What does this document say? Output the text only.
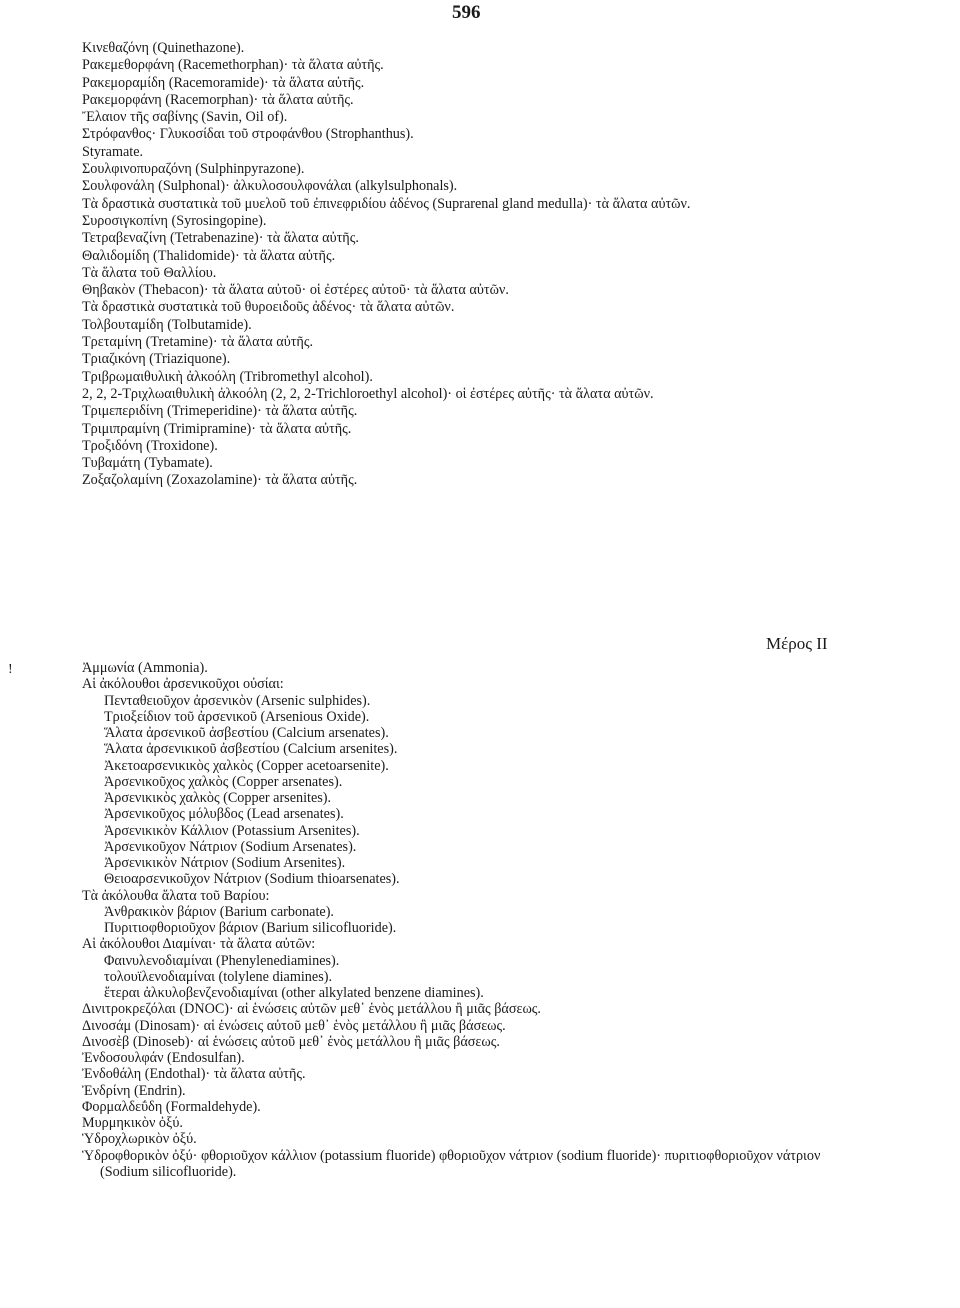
596

Κινεθαζόνη (Quinethazone).

Ρακεμεθορφάνη (Racemethorphan)· τὰ ἅλατα αὐτῆς.

Ρακεμοραμίδη (Racemoramide)· τὰ ἅλατα αὐτῆς.

Ρακεμορφάνη (Racemorphan)· τὰ ἅλατα αὐτῆς.

Ἔλαιον τῆς σαβίνης (Savin, Oil of).

Στρόφανθος· Γλυκοσίδαι τοῦ στροφάνθου (Strophanthus).

Styramate.

Σουλφινοπυραζόνη (Sulphinpyrazone).

Σουλφονάλη (Sulphonal)· ἀλκυλοσουλφονάλαι (alkylsulphonals).

Τὰ δραστικὰ συστατικὰ τοῦ μυελοῦ τοῦ ἐπινεφριδίου ἀδένος (Suprarenal gland medulla)· τὰ ἅλατα αὐτῶν.

Συροσιγκοπίνη (Syrosingopine).

Τετραβεναζίνη (Tetrabenazine)· τὰ ἅλατα αὐτῆς.

Θαλιδομίδη (Thalidomide)· τὰ ἅλατα αὐτῆς.

Τὰ ἅλατα τοῦ Θαλλίου.

Θηβακὸν (Thebacon)· τὰ ἅλατα αὐτοῦ· οἱ ἐστέρες αὐτοῦ· τὰ ἅλατα αὐτῶν.

Τὰ δραστικὰ συστατικὰ τοῦ θυροειδοῦς ἀδένος· τὰ ἅλατα αὐτῶν.

Τολβουταμίδη (Tolbutamide).

Τρεταμίνη (Tretamine)· τὰ ἅλατα αὐτῆς.

Τριαζικόνη (Triaziquone).

Τριβρωμαιθυλικὴ ἀλκοόλη (Tribromethyl alcohol).

2, 2, 2-Τριχλωαιθυλικὴ ἀλκοόλη (2, 2, 2-Trichloroethyl alcohol)· οἱ ἐστέρες αὐτῆς· τὰ ἅλατα αὐτῶν.

Τριμεπεριδίνη (Trimeperidine)· τὰ ἅλατα αὐτῆς.

Τριμιπραμίνη (Trimipramine)· τὰ ἅλατα αὐτῆς.

Τροξιδόνη (Troxidone).

Τυβαμάτη (Tybamate).

Ζοξαζολαμίνη (Zoxazolamine)· τὰ ἅλατα αὐτῆς.

Μέρος ΙΙ
!	Ἀμμωνία (Ammonia).

Αἱ ἀκόλουθοι ἀρσενικοῦχοι οὐσίαι:

Πενταθειοῦχον ἀρσενικὸν (Arsenic sulphides).

Τριοξείδιον τοῦ ἀρσενικοῦ (Arsenious Oxide).

Ἅλατα ἀρσενικοῦ ἀσβεστίου (Calcium arsenates).

Ἅλατα ἀρσενικικοῦ ἀσβεστίου (Calcium arsenites).

Ἀκετοαρσενικικὸς χαλκὸς (Copper acetoarsenite).

Ἀρσενικοῦχος χαλκὸς (Copper arsenates).

Ἀρσενικικὸς χαλκὸς (Copper arsenites).

Ἀρσενικοῦχος μόλυβδος (Lead arsenates).

Ἀρσενικικὸν Κάλλιον (Potassium Arsenites).

Ἀρσενικοῦχον Νάτριον (Sodium Arsenates).

Ἀρσενικικὸν Νάτριον (Sodium Arsenites).

Θειοαρσενικοῦχον Νάτριον (Sodium thioarsenates).

Τὰ ἀκόλουθα ἅλατα τοῦ Βαρίου:

Ἀνθρακικὸν βάριον (Barium carbonate).

Πυριτιοφθοριοῦχον βάριον (Barium silicofluoride).

Αἱ ἀκόλουθοι Διαμίναι· τὰ ἅλατα αὐτῶν:

Φαινυλενοδιαμίναι (Phenylenediamines).

τολουϊλενοδιαμίναι (tolylene diamines).

ἕτεραι ἀλκυλοβενζενοδιαμίναι (other alkylated benzene diamines).

Δινιτροκρεζόλαι (DNOC)· αἱ ἑνώσεις αὐτῶν μεθ᾽ ἑνὸς μετάλλου ἢ μιᾶς βάσεως.

Δινοσάμ (Dinosam)· αἱ ἑνώσεις αὐτοῦ μεθ᾽ ἑνὸς μετάλλου ἢ μιᾶς βάσεως.

Δινοσὲβ (Dinoseb)· αἱ ἑνώσεις αὐτοῦ μεθ᾽ ἑνὸς μετάλλου ἢ μιᾶς βάσεως.

Ἐνδοσουλφάν (Endosulfan).

Ἐνδοθάλη (Endothal)· τὰ ἅλατα αὐτῆς.

Ἐνδρίνη (Endrin).

Φορμαλδεΰδη (Formaldehyde).

Μυρμηκικὸν ὀξύ.

Ὑδροχλωρικὸν ὀξύ.

Ὑδροφθορικὸν ὀξύ· φθοριοῦχον κάλλιον (potassium fluoride) φθοριοῦχον νάτριον (sodium fluoride)· πυριτιοφθοριοῦχον νάτριον (Sodium silicofluoride).
